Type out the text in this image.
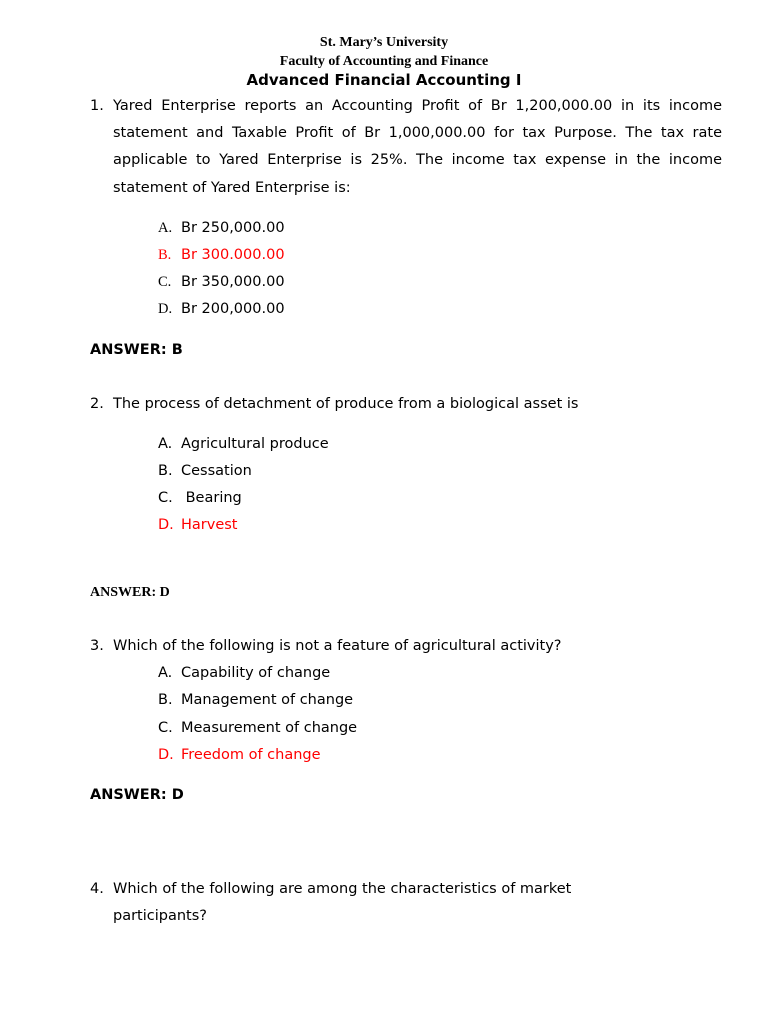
St. Mary’s University
Faculty of Accounting and Finance
Advanced Financial Accounting I
1. Yared Enterprise reports an Accounting Profit of Br 1,200,000.00 in its income
statement and Taxable Profit of Br 1,000,000.00 for tax Purpose. The tax rate
applicable to Yared Enterprise is 25%. The income tax expense in the income
statement of Yared Enterprise is:
A. Br 250,000.00
B. Br 300.000.00
C. Br 350,000.00
D. Br 200,000.00
ANSWER: B
2. The process of detachment of produce from a biological asset is
A. Agricultural produce
B. Cessation
C. Bearing
D. Harvest
ANSWER: D
3. Which of the following is not a feature of agricultural activity?
A. Capability of change
B. Management of change
C. Measurement of change
D. Freedom of change
ANSWER: D
4. Which of the following are among the characteristics of market
participants?
